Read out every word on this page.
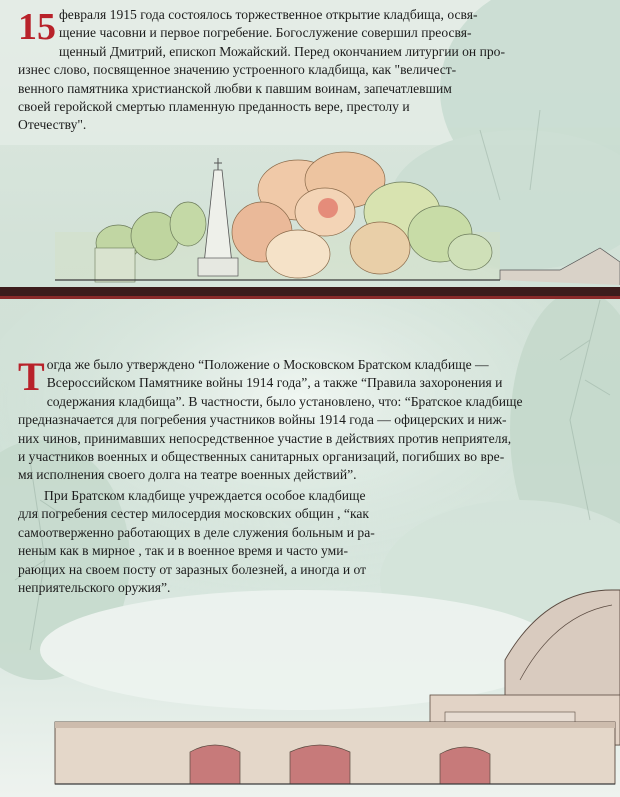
15 февраля 1915 года состоялось торжественное открытие кладбища, освя-
щение часовни и первое погребение. Богослужение совершил преосвя-
щенный Дмитрий, епископ Можайский. Перед окончанием литургии он про-
изнес слово, посвященное значению устроенного кладбища, как "величест-
венного памятника христианской любви к павшим воинам, запечатлевшим
своей геройской смертью пламенную преданность вере, престолу и
Отечеству".
Т огда же было утверждено “Положение о Московском Братском кладбище —
Всероссийском Памятнике войны 1914 года”, а также “Правила захоронения и
содержания кладбища”. В частности, было установлено, что: “Братское кладбище
предназначается для погребения участников войны 1914 года — офицерских и ниж-
них чинов, принимавших непосредственное участие в действиях против неприятеля,
и участников военных и общественных санитарных организаций, погибших во вре-
мя исполнения своего долга на театре военных действий”.
При Братском кладбище учреждается особое кладбище
для погребения сестер милосердия московских общин , “как
самоотверженно работающих в деле служения больным и ра-
неным как в мирное , так и в военное время и часто уми-
рающих на своем посту от заразных болезней, а иногда и от
неприятельского оружия”.
